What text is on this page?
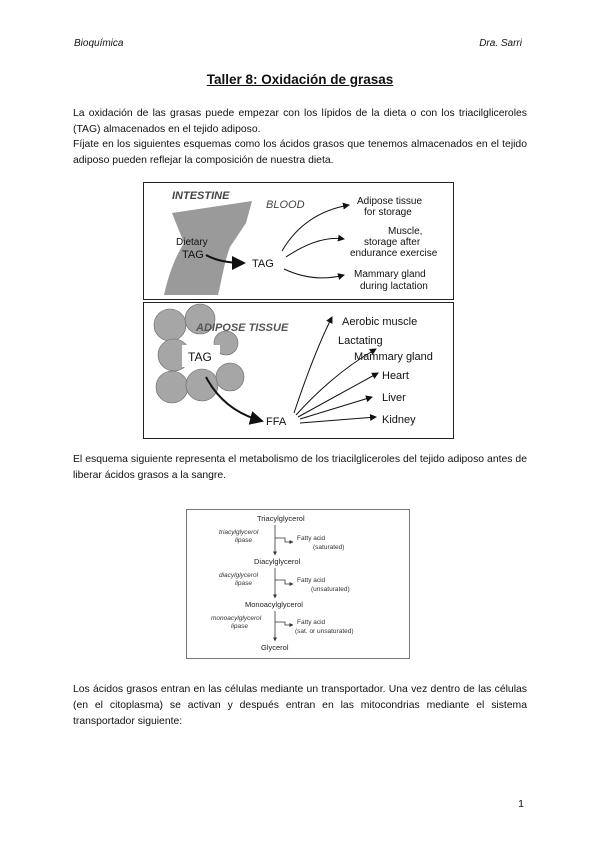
Bioquímica	Dra. Sarri
Taller 8: Oxidación de grasas

La oxidación de las grasas puede empezar con los lípidos de la dieta o con los triacilgliceroles (TAG) almacenados en el tejido adiposo.

Fíjate en los siguientes esquemas como los ácidos grasos que tenemos almacenados en el tejido adiposo pueden reflejar la composición de nuestra dieta.

INTESTINE
BLOOD
Dietary
TAG
TAG
Adipose tissue
for storage
Muscle,
storage after
endurance exercise
Mammary gland
during lactation
ADIPOSE TISSUE
TAG
FFA
Aerobic muscle
Lactating
Mammary gland
Heart
Liver
Kidney

El esquema siguiente representa el metabolismo de los triacilgliceroles del tejido adiposo antes de liberar ácidos grasos a la sangre.

Triacylglycerol
triacylglycerol
lipase	Fatty acid
(saturated)
Diacylglycerol
diacylglycerol
lipase	Fatty acid
(unsaturated)
Monoacylglycerol
monoacylglycerol
lipase
Fatty acid
(sat. or unsaturated)
Glycerol

Los ácidos grasos entran en las células mediante un transportador. Una vez dentro de las células (en el citoplasma) se activan y después entran en las mitocondrias mediante el sistema transportador siguiente:

1
